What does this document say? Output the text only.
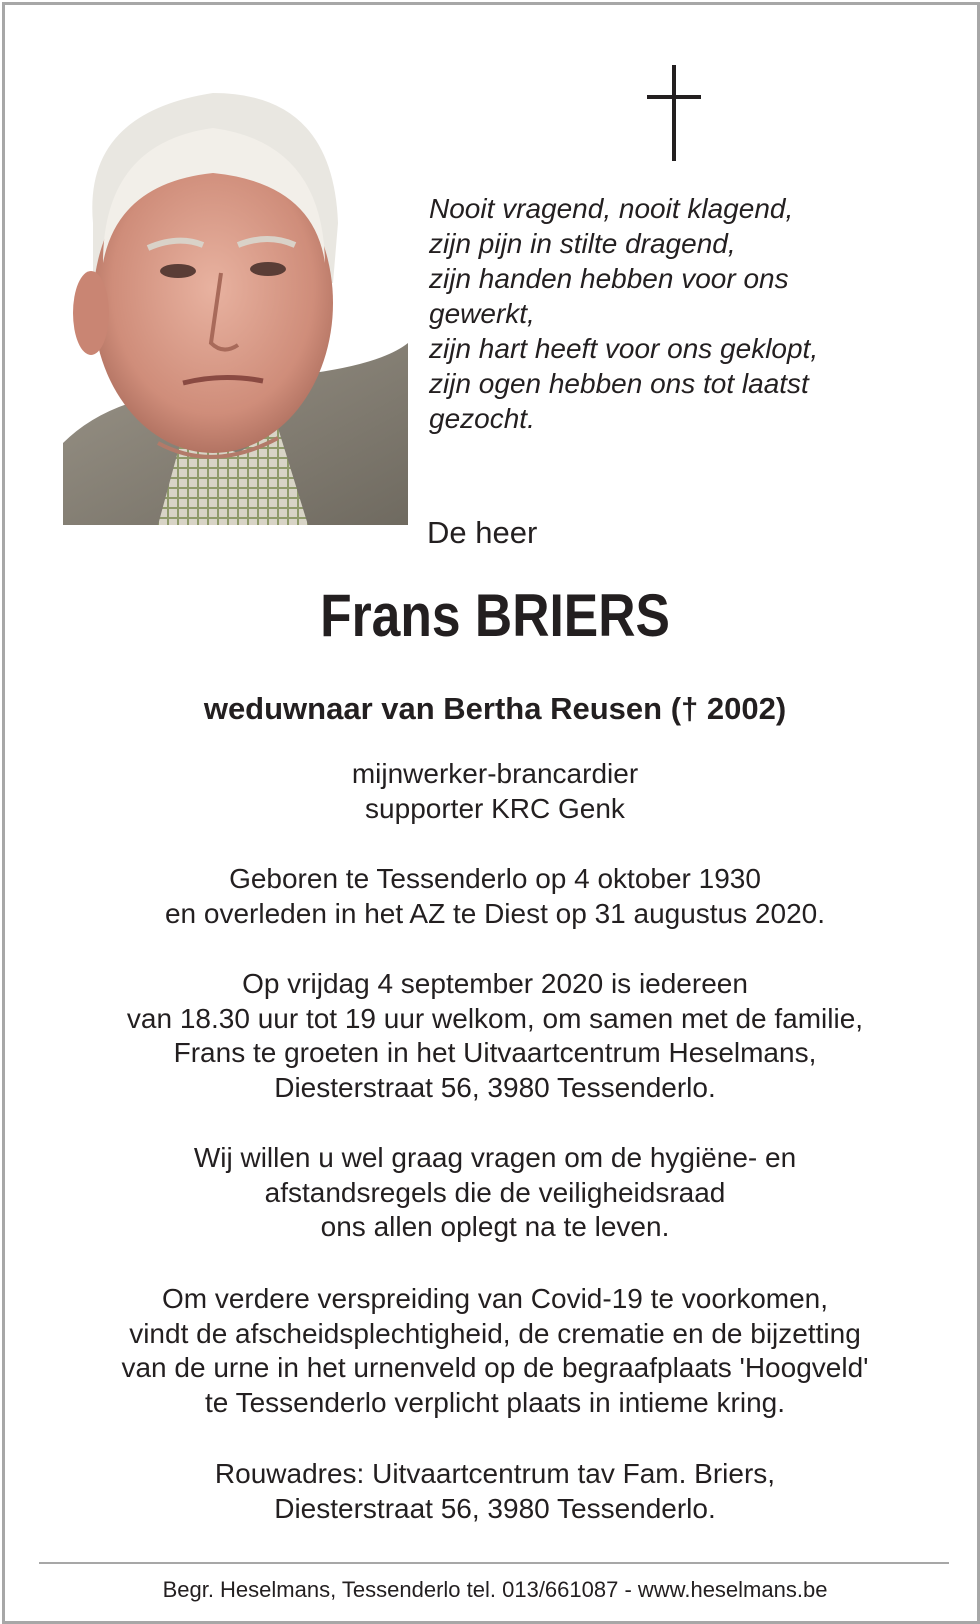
Nooit vragend, nooit klagend,
zijn pijn in stilte dragend,
zijn handen hebben voor ons
gewerkt,
zijn hart heeft voor ons geklopt,
zijn ogen hebben ons tot laatst
gezocht.
De heer
Frans BRIERS
weduwnaar van Bertha Reusen († 2002)
mijnwerker-brancardier
supporter KRC Genk
Geboren te Tessenderlo op 4 oktober 1930
en overleden in het AZ te Diest op 31 augustus 2020.
Op vrijdag 4 september 2020 is iedereen
van 18.30 uur tot 19 uur welkom, om samen met de familie,
Frans te groeten in het Uitvaartcentrum Heselmans,
Diesterstraat 56, 3980 Tessenderlo.
Wij willen u wel graag vragen om de hygiëne- en
afstandsregels die de veiligheidsraad
ons allen oplegt na te leven.
Om verdere verspreiding van Covid-19 te voorkomen,
vindt de afscheidsplechtigheid, de crematie en de bijzetting
van de urne in het urnenveld op de begraafplaats 'Hoogveld'
te Tessenderlo verplicht plaats in intieme kring.
Rouwadres: Uitvaartcentrum tav Fam. Briers,
Diesterstraat 56, 3980 Tessenderlo.
Begr. Heselmans, Tessenderlo tel. 013/661087 - www.heselmans.be
